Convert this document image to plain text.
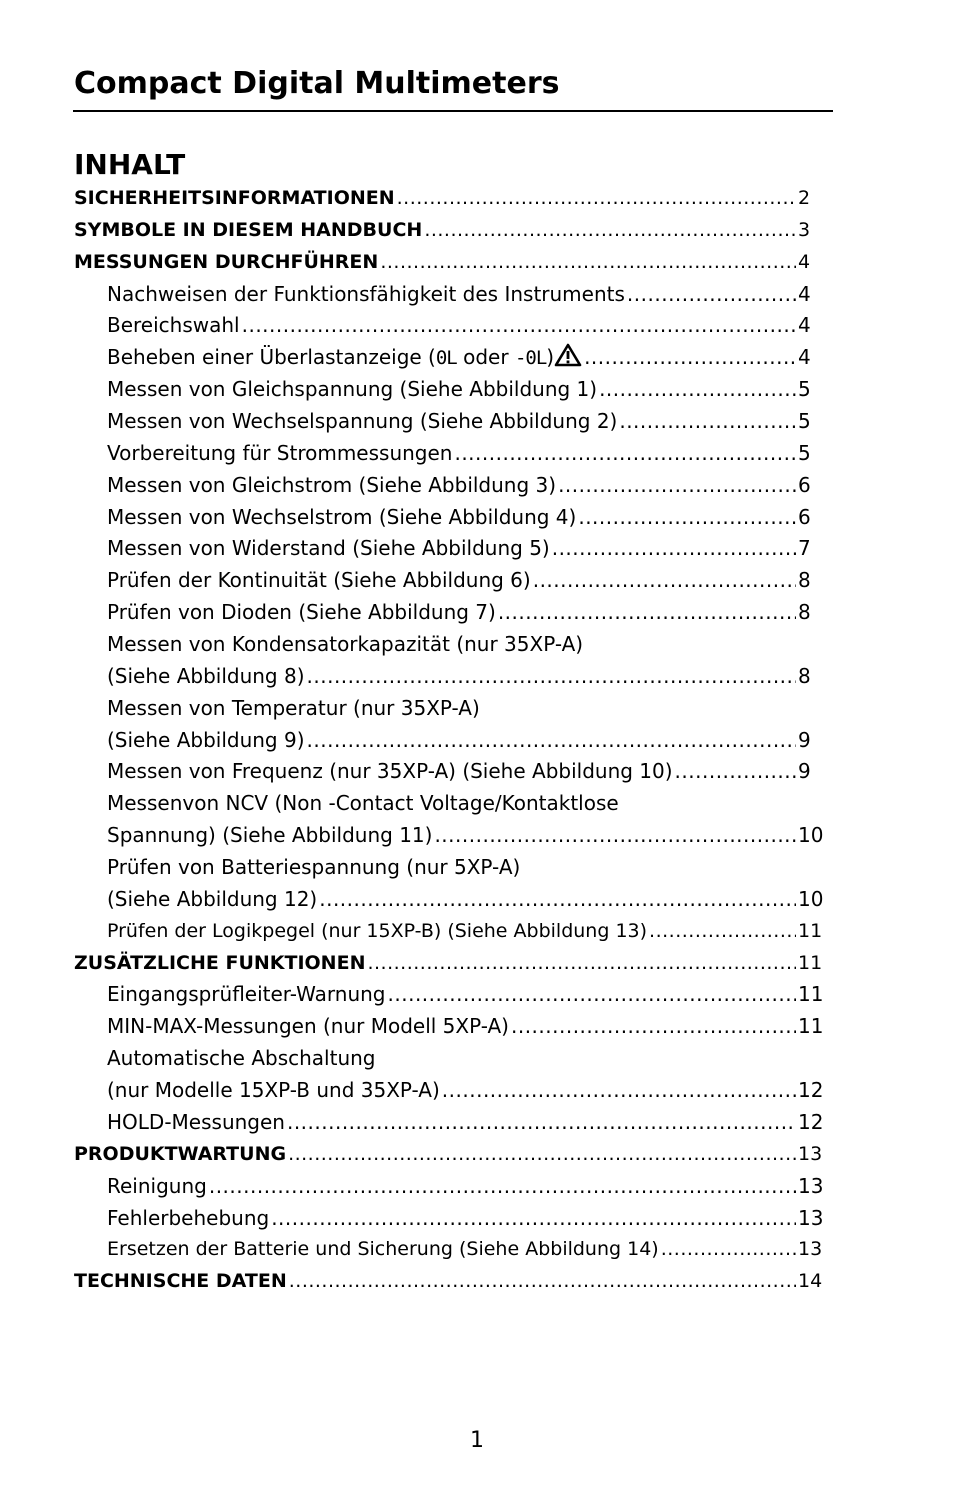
Compact Digital Multimeters
INHALT
SICHERHEITSINFORMATIONEN .....	2
SYMBOLE IN DIESEM HANDBUCH .....	3
MESSUNGEN DURCHFÜHREN .....	4
Nachweisen der Funktionsfähigkeit des Instruments .....	4
Bereichswahl .....	4
Beheben einer Überlastanzeige (0L oder -0L) .....	4
Messen von Gleichspannung (Siehe Abbildung 1) .....	5
Messen von Wechselspannung (Siehe Abbildung 2) .....	5
Vorbereitung für Strommessungen .....	5
Messen von Gleichstrom (Siehe Abbildung 3) .....	6
Messen von Wechselstrom (Siehe Abbildung 4) .....	6
Messen von Widerstand (Siehe Abbildung 5) .....	7
Prüfen der Kontinuität (Siehe Abbildung 6) .....	8
Prüfen von Dioden (Siehe Abbildung 7) .....	8
Messen von Kondensatorkapazität (nur 35XP-A)
(Siehe Abbildung 8) .....	8
Messen von Temperatur (nur 35XP-A)
(Siehe Abbildung 9) .....	9
Messen von Frequenz (nur 35XP-A) (Siehe Abbildung 10) .....	9
Messenvon NCV (Non -Contact Voltage/Kontaktlose
Spannung) (Siehe Abbildung 11) .....	10
Prüfen von Batteriespannung (nur 5XP-A)
(Siehe Abbildung 12) .....	10
Prüfen der Logikpegel (nur 15XP-B) (Siehe Abbildung 13) .....	11
ZUSÄTZLICHE FUNKTIONEN .....	11
Eingangsprüfleiter-Warnung .....	11
MIN-MAX-Messungen (nur Modell 5XP-A) .....	11
Automatische Abschaltung
(nur Modelle 15XP-B und 35XP-A) .....	12
HOLD-Messungen .....	12
PRODUKTWARTUNG .....	13
Reinigung .....	13
Fehlerbehebung .....	13
Ersetzen der Batterie und Sicherung (Siehe Abbildung 14) .....	13
TECHNISCHE DATEN .....	14
1
